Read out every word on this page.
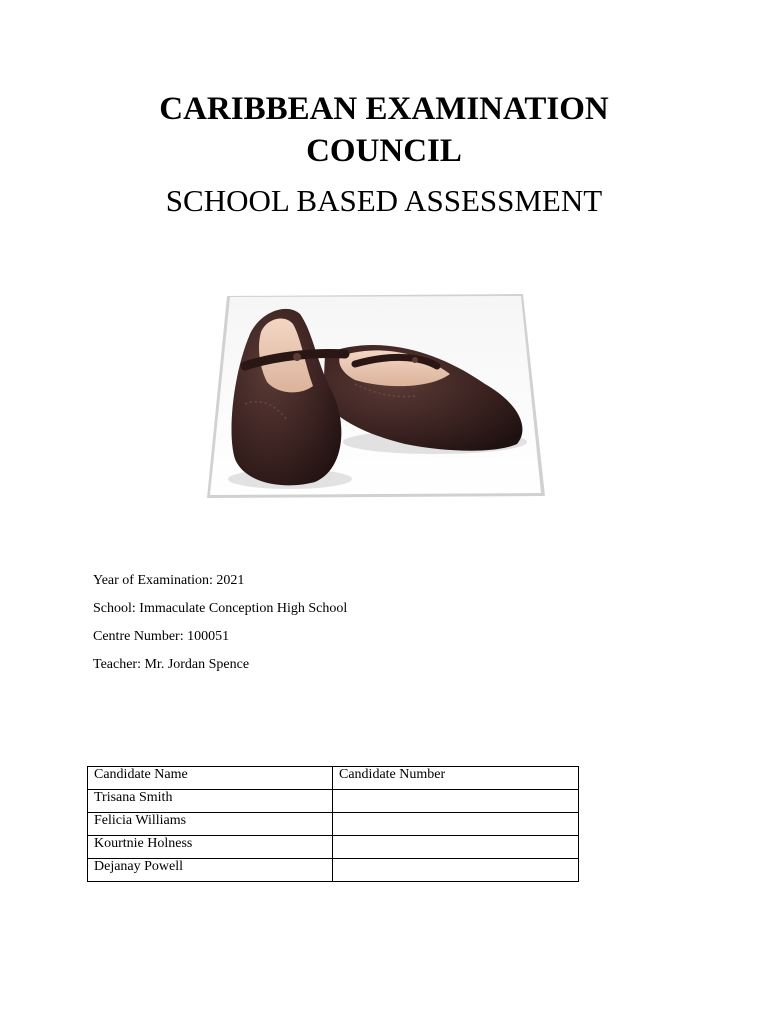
CARIBBEAN EXAMINATION
COUNCIL
SCHOOL BASED ASSESSMENT
Year of Examination: 2021
School: Immaculate Conception High School
Centre Number: 100051
Teacher: Mr. Jordan Spence
Candidate Name	Candidate Number
Trisana Smith	
Felicia Williams	
Kourtnie Holness	
Dejanay Powell	
